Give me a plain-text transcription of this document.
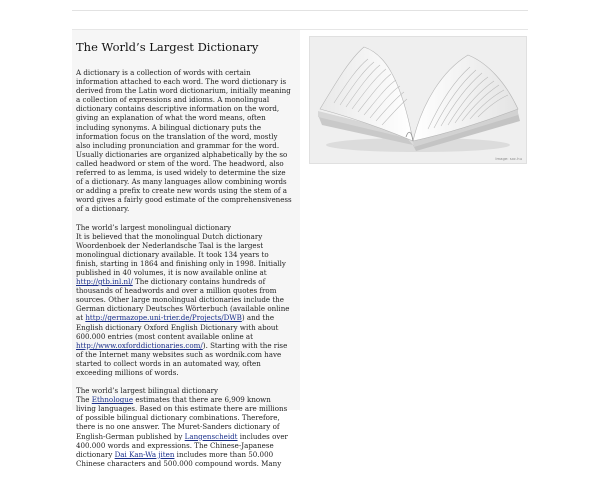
The World’s Largest Dictionary

A dictionary is a collection of words with certain information attached to each word. The word dictionary is derived from the Latin word dictionarium, initially meaning a collection of expressions and idioms. A monolingual dictionary contains descriptive information on the word, giving an explanation of what the word means, often including synonyms. A bilingual dictionary puts the information focus on the translation of the word, mostly also including pronunciation and grammar for the word. Usually dictionaries are organized alphabetically by the so called headword or stem of the word. The headword, also referred to as lemma, is used widely to determine the size of a dictionary. As many languages allow combining words or adding a prefix to create new words using the stem of a word gives a fairly good estimate of the comprehensiveness of a dictionary.

The world’s largest monolingual dictionary
It is believed that the monolingual Dutch dictionary Woordenboek der Nederlandsche Taal is the largest monolingual dictionary available. It took 134 years to finish, starting in 1864 and finishing only in 1998. Initially published in 40 volumes, it is now available online at http://gtb.inl.nl/ The dictionary contains hundreds of thousands of headwords and over a million quotes from sources. Other large monolingual dictionaries include the German dictionary Deutsches Wörterbuch (available online at http://germazope.uni-trier.de/Projects/DWB) and the English dictionary Oxford English Dictionary with about 600.000 entries (most content available online at http://www.oxforddictionaries.com/). Starting with the rise of the Internet many websites such as wordnik.com have started to collect words in an automated way, often exceeding millions of words.

The world’s largest bilingual dictionary
The Ethnologue estimates that there are 6,909 known living languages. Based on this estimate there are millions of possible bilingual dictionary combinations. Therefore, there is no one answer. The Muret-Sanders dictionary of English-German published by Langenscheidt includes over 400.000 words and expressions. The Chinese-Japanese dictionary Dai Kan-Wa jiten includes more than 50.000 Chinese characters and 500.000 compound words. Many

Image: sxc.hu
